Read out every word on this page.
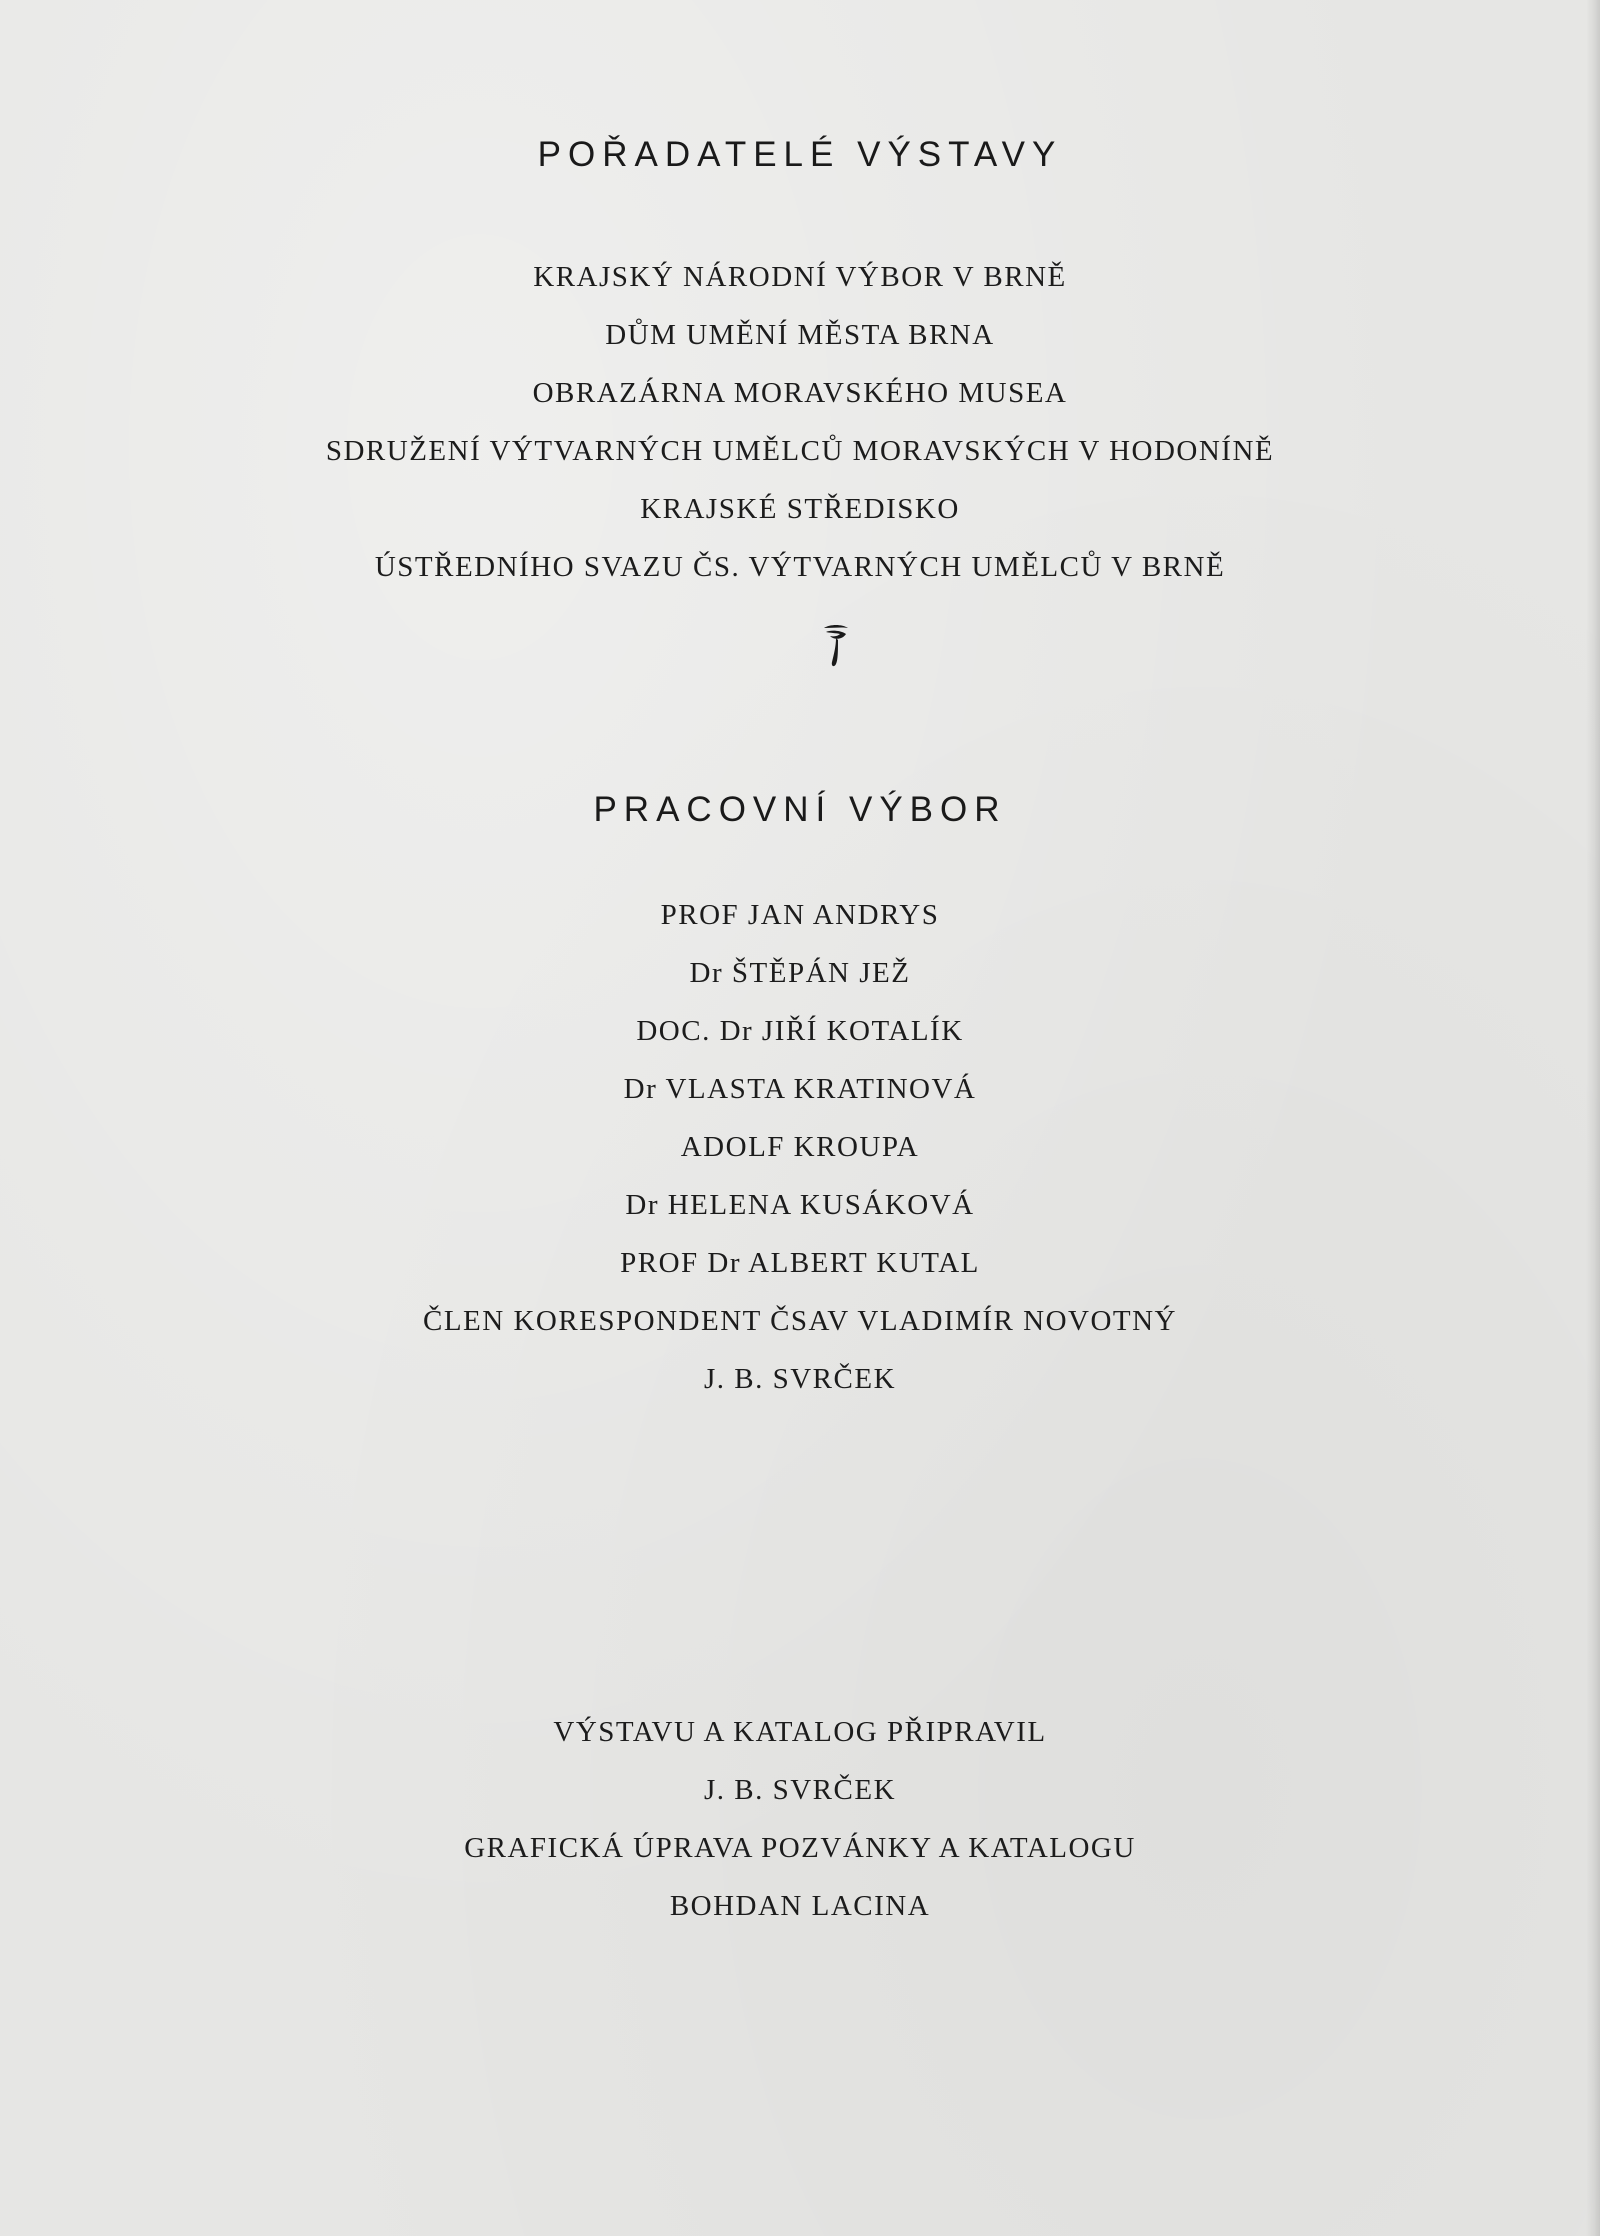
POŘADATELÉ VÝSTAVY

KRAJSKÝ NÁRODNÍ VÝBOR V BRNĚ

DŮM UMĚNÍ MĚSTA BRNA

OBRAZÁRNA MORAVSKÉHO MUSEA

SDRUŽENÍ VÝTVARNÝCH UMĚLCŮ MORAVSKÝCH V HODONÍNĚ

KRAJSKÉ STŘEDISKO

ÚSTŘEDNÍHO SVAZU ČS. VÝTVARNÝCH UMĚLCŮ V BRNĚ

PRACOVNÍ VÝBOR

PROF JAN ANDRYS

Dr ŠTĚPÁN JEŽ

DOC. Dr JIŘÍ KOTALÍK

Dr VLASTA KRATINOVÁ

ADOLF KROUPA

Dr HELENA KUSÁKOVÁ

PROF Dr ALBERT KUTAL

ČLEN KORESPONDENT ČSAV VLADIMÍR NOVOTNÝ

J. B. SVRČEK

VÝSTAVU A KATALOG PŘIPRAVIL

J. B. SVRČEK

GRAFICKÁ ÚPRAVA POZVÁNKY A KATALOGU

BOHDAN LACINA
